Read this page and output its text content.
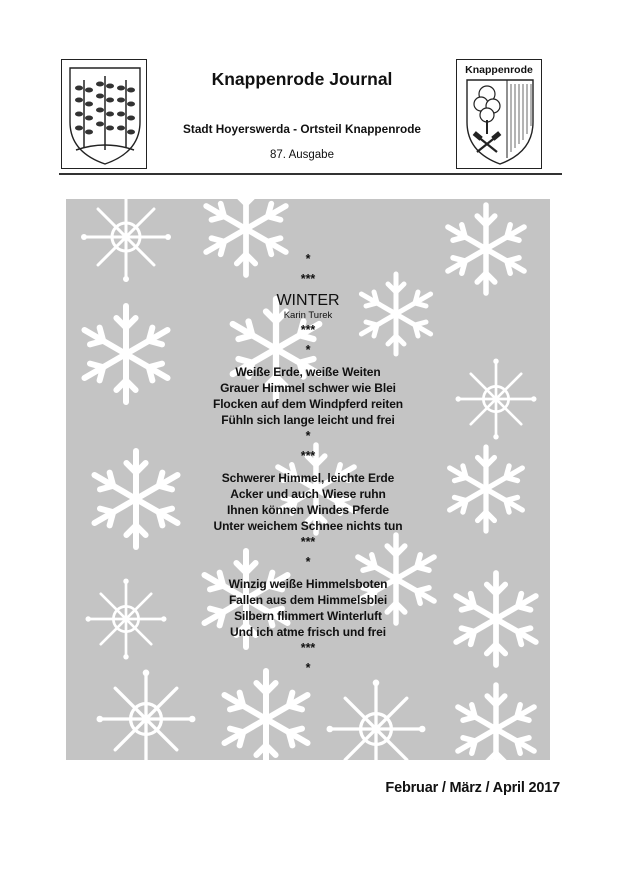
Knappenrode Journal
Stadt Hoyerswerda - Ortsteil Knappenrode
87. Ausgabe
Knappenrode
*
***
WINTER
Karin Turek
***
*
Weiße Erde, weiße Weiten
Grauer Himmel schwer wie Blei
Flocken auf dem Windpferd reiten
Fühln sich lange leicht und frei
*
***
Schwerer Himmel, leichte Erde
Acker und auch Wiese ruhn
Ihnen können Windes Pferde
Unter weichem Schnee nichts tun
***
*
Winzig weiße Himmelsboten
Fallen aus dem Himmelsblei
Silbern flimmert Winterluft
Und ich atme frisch und frei
***
*
Februar / März / April 2017
